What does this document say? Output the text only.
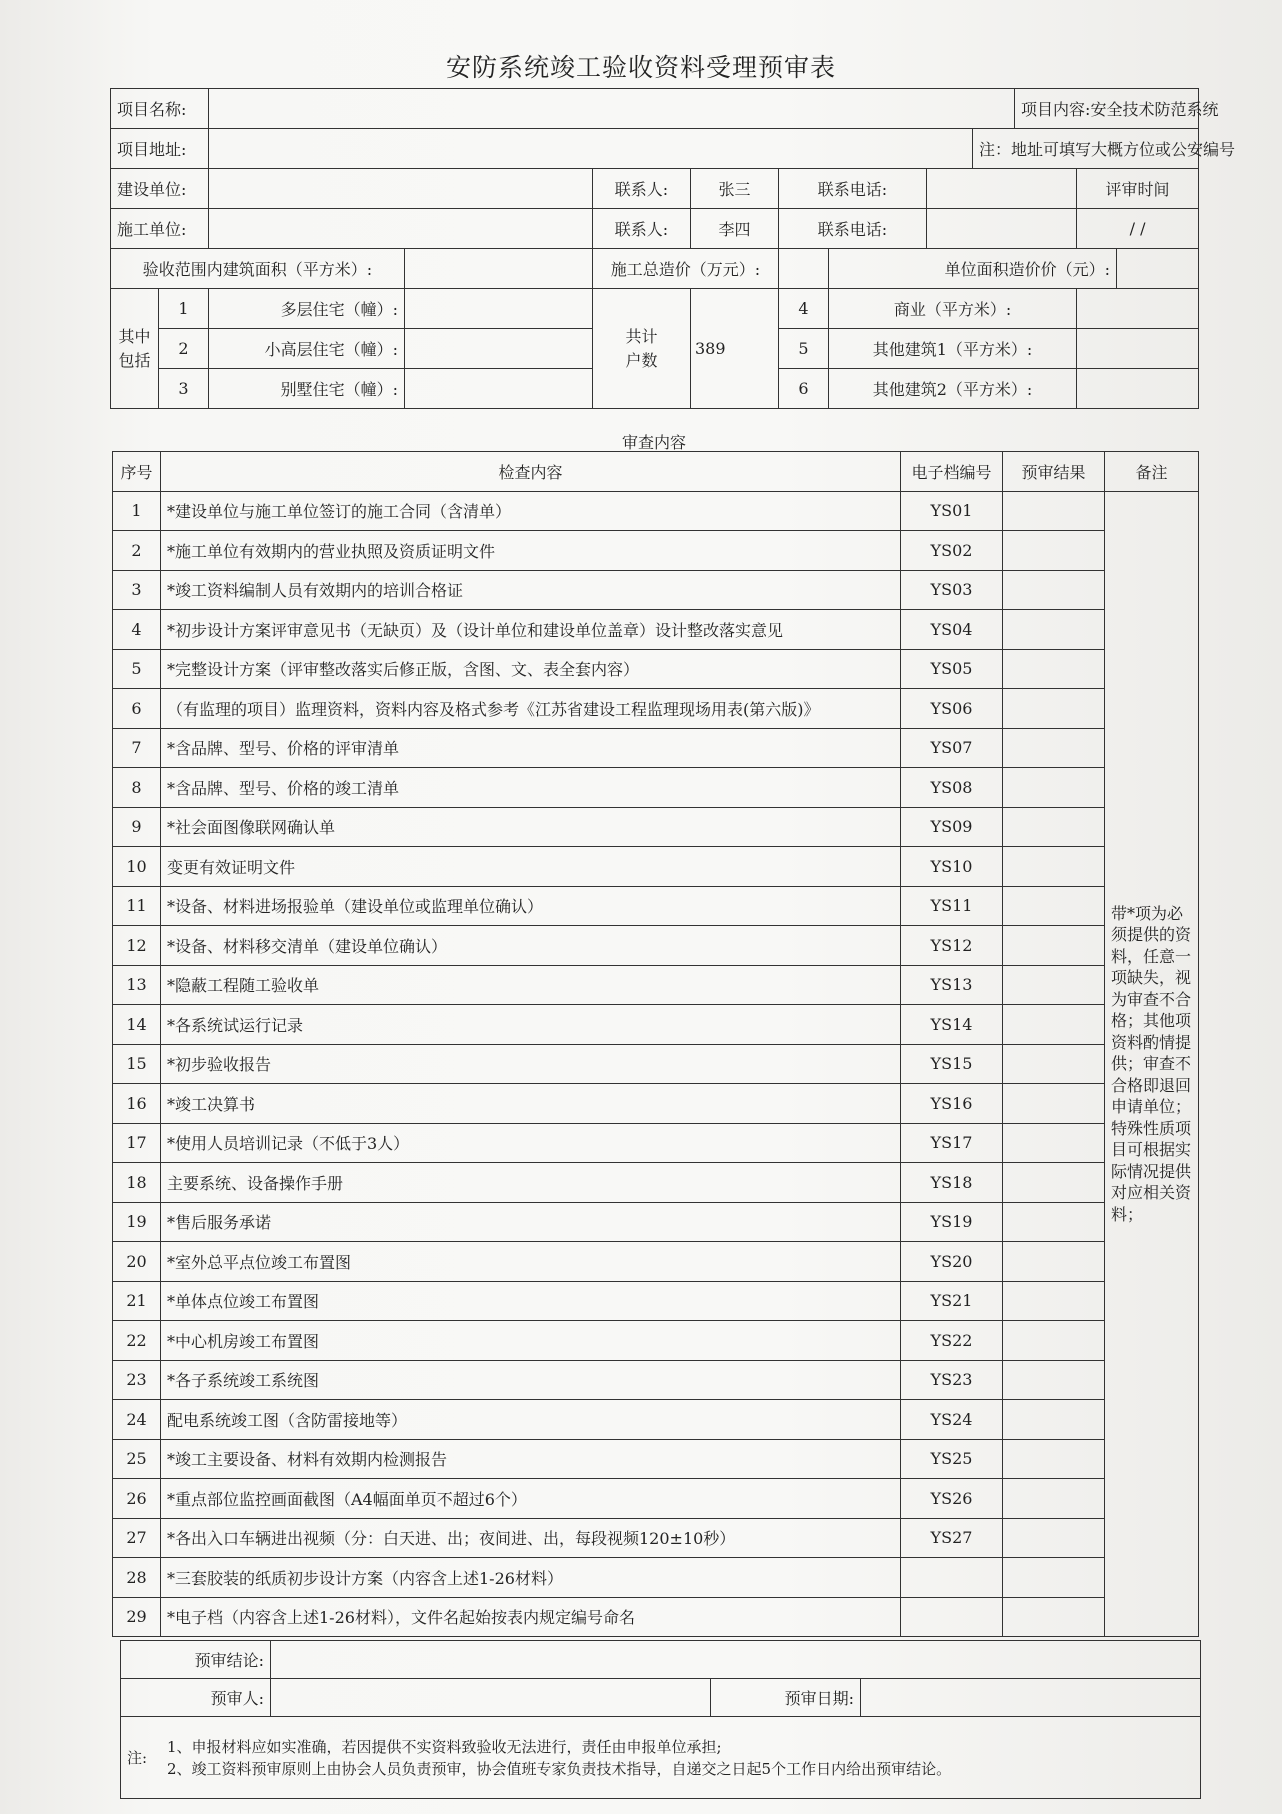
安防系统竣工验收资料受理预审表
项目名称:										项目内容:安全技术防范系统		
项目地址:									注：地址可填写大概方位或公安编号			
建设单位:				联系人:	张三	联系电话:					评审时间	
施工单位:				联系人:	李四	联系电话:					/ /	
验收范围内建筑面积（平方米）:				施工总造价（万元）:			单位面积造价价（元）:					
其中包括	1	多层住宅（幢）:		共计户数	389	4	商业（平方米）:					
	2	小高层住宅（幢）:				5	其他建筑1（平方米）:					
	3	别墅住宅（幢）:				6	其他建筑2（平方米）:					
审查内容
序号	检查内容	电子档编号	预审结果	备注
1	*建设单位与施工单位签订的施工合同（含清单）	YS01		带*项为必须提供的资料，任意一项缺失，视为审查不合格；其他项资料酌情提供；审查不合格即退回申请单位；特殊性质项目可根据实际情况提供对应相关资料；
2	*施工单位有效期内的营业执照及资质证明文件	YS02		
3	*竣工资料编制人员有效期内的培训合格证	YS03		
4	*初步设计方案评审意见书（无缺页）及（设计单位和建设单位盖章）设计整改落实意见	YS04		
5	*完整设计方案（评审整改落实后修正版，含图、文、表全套内容）	YS05		
6	（有监理的项目）监理资料，资料内容及格式参考《江苏省建设工程监理现场用表(第六版)》	YS06		
7	*含品牌、型号、价格的评审清单	YS07		
8	*含品牌、型号、价格的竣工清单	YS08		
9	*社会面图像联网确认单	YS09		
10	变更有效证明文件	YS10		
11	*设备、材料进场报验单（建设单位或监理单位确认）	YS11		
12	*设备、材料移交清单（建设单位确认）	YS12		
13	*隐蔽工程随工验收单	YS13		
14	*各系统试运行记录	YS14		
15	*初步验收报告	YS15		
16	*竣工决算书	YS16		
17	*使用人员培训记录（不低于3人）	YS17		
18	主要系统、设备操作手册	YS18		
19	*售后服务承诺	YS19		
20	*室外总平点位竣工布置图	YS20		
21	*单体点位竣工布置图	YS21		
22	*中心机房竣工布置图	YS22		
23	*各子系统竣工系统图	YS23		
24	配电系统竣工图（含防雷接地等）	YS24		
25	*竣工主要设备、材料有效期内检测报告	YS25		
26	*重点部位监控画面截图（A4幅面单页不超过6个）	YS26		
27	*各出入口车辆进出视频（分：白天进、出；夜间进、出，每段视频120±10秒）	YS27		
28	*三套胶装的纸质初步设计方案（内容含上述1-26材料）			
29	*电子档（内容含上述1-26材料），文件名起始按表内规定编号命名			
预审结论:			
预审人:		预审日期:	

注:
1、申报材料应如实准确，若因提供不实资料致验收无法进行，责任由申报单位承担;
2、竣工资料预审原则上由协会人员负责预审，协会值班专家负责技术指导，自递交之日起5个工作日内给出预审结论。			
